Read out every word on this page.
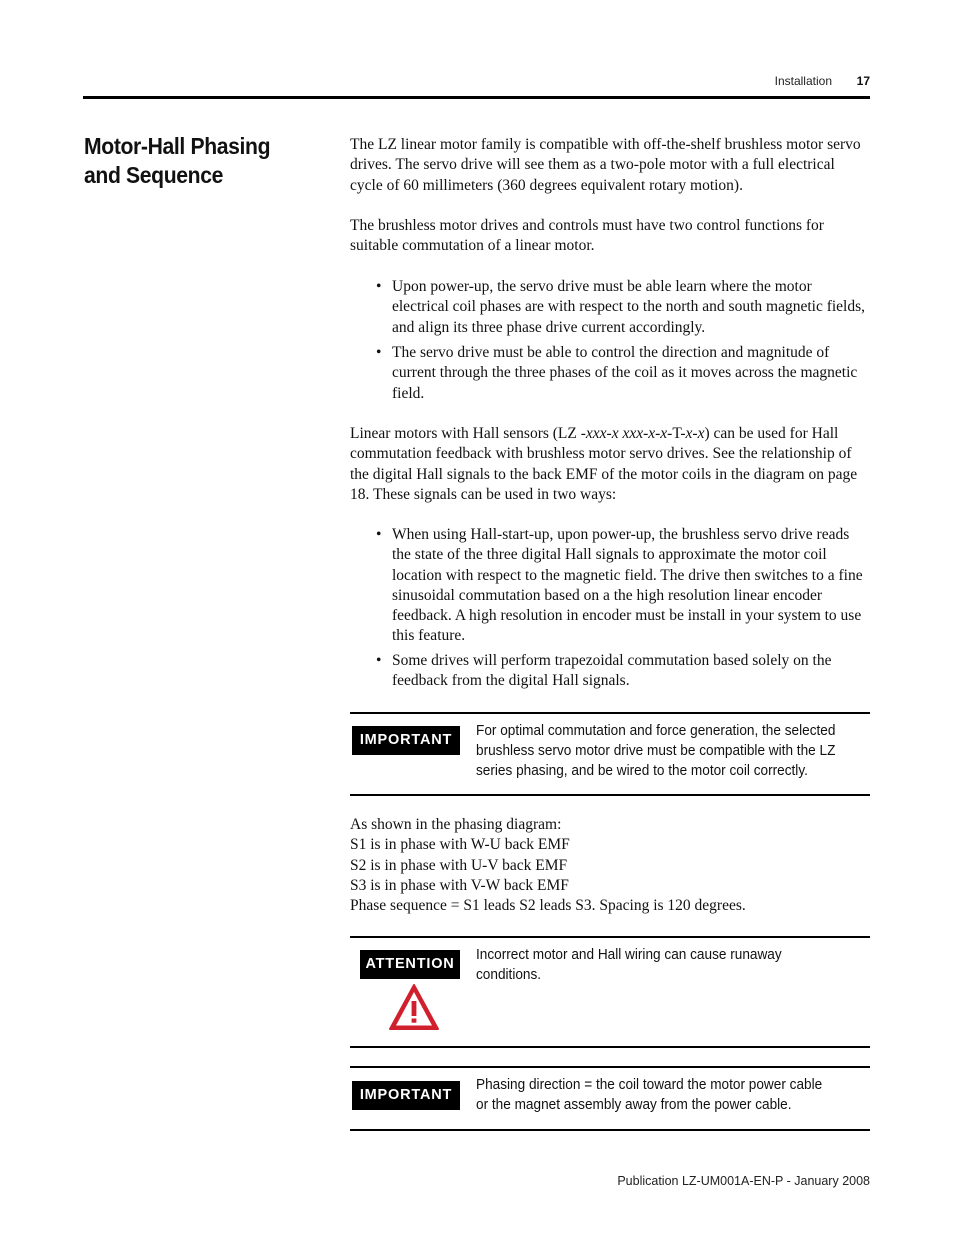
Installation	17
Motor-Hall Phasing and Sequence

The LZ linear motor family is compatible with off-the-shelf brushless motor servo drives. The servo drive will see them as a two-pole motor with a full electrical cycle of 60 millimeters (360 degrees equivalent rotary motion).

The brushless motor drives and controls must have two control functions for suitable commutation of a linear motor.

• Upon power-up, the servo drive must be able learn where the motor electrical coil phases are with respect to the north and south magnetic fields, and align its three phase drive current accordingly.
• The servo drive must be able to control the direction and magnitude of current through the three phases of the coil as it moves across the magnetic field.

Linear motors with Hall sensors (LZ -xxx-x xxx-x-x-T-x-x) can be used for Hall commutation feedback with brushless motor servo drives. See the relationship of the digital Hall signals to the back EMF of the motor coils in the diagram on page 18. These signals can be used in two ways:

• When using Hall-start-up, upon power-up, the brushless servo drive reads the state of the three digital Hall signals to approximate the motor coil location with respect to the magnetic field. The drive then switches to a fine sinusoidal commutation based on a the high resolution linear encoder feedback. A high resolution in encoder must be install in your system to use this feature.
• Some drives will perform trapezoidal commutation based solely on the feedback from the digital Hall signals.
IMPORTANT
For optimal commutation and force generation, the selected brushless servo motor drive must be compatible with the LZ series phasing, and be wired to the motor coil correctly.

As shown in the phasing diagram:

S1 is in phase with W-U back EMF

S2 is in phase with U-V back EMF

S3 is in phase with V-W back EMF

Phase sequence = S1 leads S2 leads S3. Spacing is 120 degrees.

ATTENTION
Incorrect motor and Hall wiring can cause runaway conditions.
IMPORTANT
Phasing direction = the coil toward the motor power cable or the magnet assembly away from the power cable.
Publication LZ-UM001A-EN-P - January 2008
